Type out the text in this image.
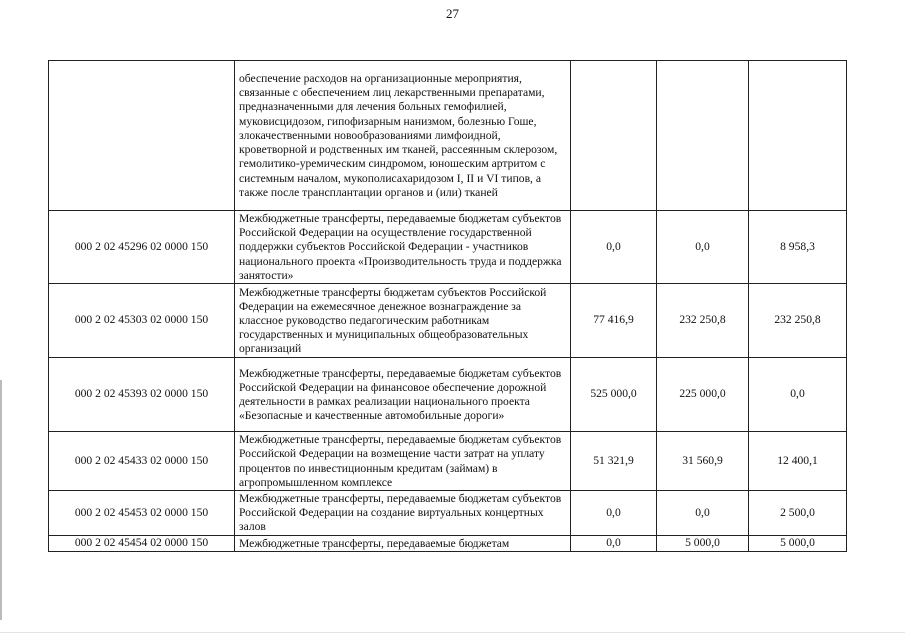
27
	обеспечение расходов на организационные мероприятия, связанные с обеспечением лиц лекарственными препаратами, предназначенными для лечения больных гемофилией, муковисцидозом, гипофизарным нанизмом, болезнью Гоше, злокачественными новообразованиями лимфоидной, кроветворной и родственных им тканей, рассеянным склерозом, гемолитико-уремическим синдромом, юношеским артритом с системным началом, мукополисахаридозом I, II и VI типов, а также после трансплантации органов и (или) тканей			
000 2 02 45296 02 0000 150	Межбюджетные трансферты, передаваемые бюджетам субъектов Российской Федерации на осуществление государственной поддержки субъектов Российской Федерации - участников национального проекта «Производительность труда и поддержка занятости»	0,0	0,0	8 958,3
000 2 02 45303 02 0000 150	Межбюджетные трансферты бюджетам субъектов Российской Федерации на ежемесячное денежное вознаграждение за классное руководство педагогическим работникам государственных и муниципальных общеобразовательных организаций	77 416,9	232 250,8	232 250,8
000 2 02 45393 02 0000 150	Межбюджетные трансферты, передаваемые бюджетам субъектов Российской Федерации на финансовое обеспечение дорожной деятельности в рамках реализации национального проекта «Безопасные и качественные автомобильные дороги»	525 000,0	225 000,0	0,0
000 2 02 45433 02 0000 150	Межбюджетные трансферты, передаваемые бюджетам субъектов Российской Федерации на возмещение части затрат на уплату процентов по инвестиционным кредитам (займам) в агропромышленном комплексе	51 321,9	31 560,9	12 400,1
000 2 02 45453 02 0000 150	Межбюджетные трансферты, передаваемые бюджетам субъектов Российской Федерации на создание виртуальных концертных залов	0,0	0,0	2 500,0
000 2 02 45454 02 0000 150	Межбюджетные трансферты, передаваемые бюджетам	0,0	5 000,0	5 000,0
